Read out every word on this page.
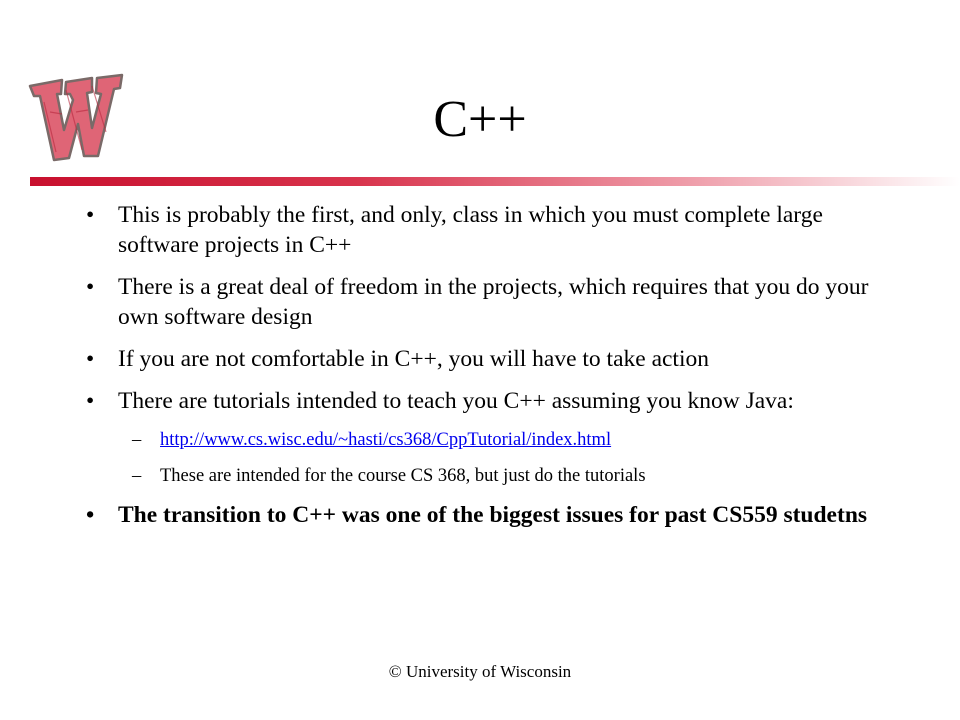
C++
• This is probably the first, and only, class in which you must complete large software projects in C++
• There is a great deal of freedom in the projects, which requires that you do your own software design
• If you are not comfortable in C++, you will have to take action
• There are tutorials intended to teach you C++ assuming you know Java:
– http://www.cs.wisc.edu/~hasti/cs368/CppTutorial/index.html
– These are intended for the course CS 368, but just do the tutorials
• The transition to C++ was one of the biggest issues for past CS559 studetns
© University of Wisconsin
